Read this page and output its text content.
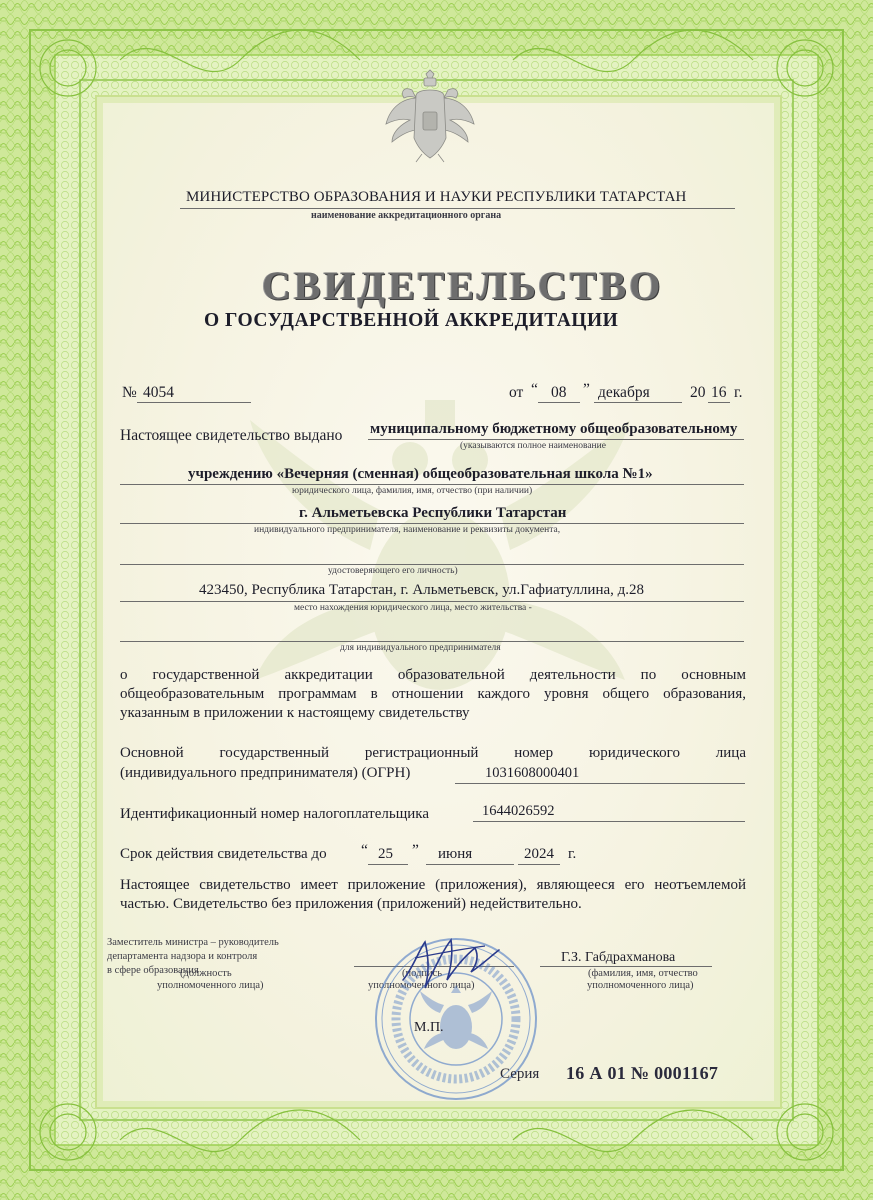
МИНИСТЕРСТВО ОБРАЗОВАНИЯ И НАУКИ РЕСПУБЛИКИ ТАТАРСТАН
наименование аккредитационного органа
СВИДЕТЕЛЬСТВО
О ГОСУДАРСТВЕННОЙ АККРЕДИТАЦИИ
№ 4054	от “ 08 ” декабря	20 16 г.
Настоящее свидетельство выдано муниципальному бюджетному общеобразовательному
(указываются полное наименование
учреждению «Вечерняя (сменная) общеобразовательная школа №1»
юридического лица, фамилия, имя, отчество (при наличии)
г. Альметьевска Республики Татарстан
индивидуального предпринимателя, наименование и реквизиты документа,
удостоверяющего его личность)
423450, Республика Татарстан, г. Альметьевск, ул.Гафиатуллина, д.28
место нахождения юридического лица, место жительства -
для индивидуального предпринимателя
о государственной аккредитации образовательной деятельности по основным общеобразовательным программам в отношении каждого уровня общего образования, указанным в приложении к настоящему свидетельству
Основной государственный регистрационный номер юридического лица
(индивидуального предпринимателя) (ОГРН)	1031608000401
Идентификационный номер налогоплательщика	1644026592
Срок действия свидетельства до “ 25 ” июня	2024 г.
Настоящее свидетельство имеет приложение (приложения), являющееся его неотъемлемой частью. Свидетельство без приложения (приложений) недействительно.
Заместитель министра – руководитель
департамента надзора и контроля
в сфере образования
(должность
уполномоченного лица)
(подпись
уполномоченного лица)
Г.З. Габдрахманова
(фамилия, имя, отчество
уполномоченного лица)
М.П.
Серия 16 А 01 № 0001167
